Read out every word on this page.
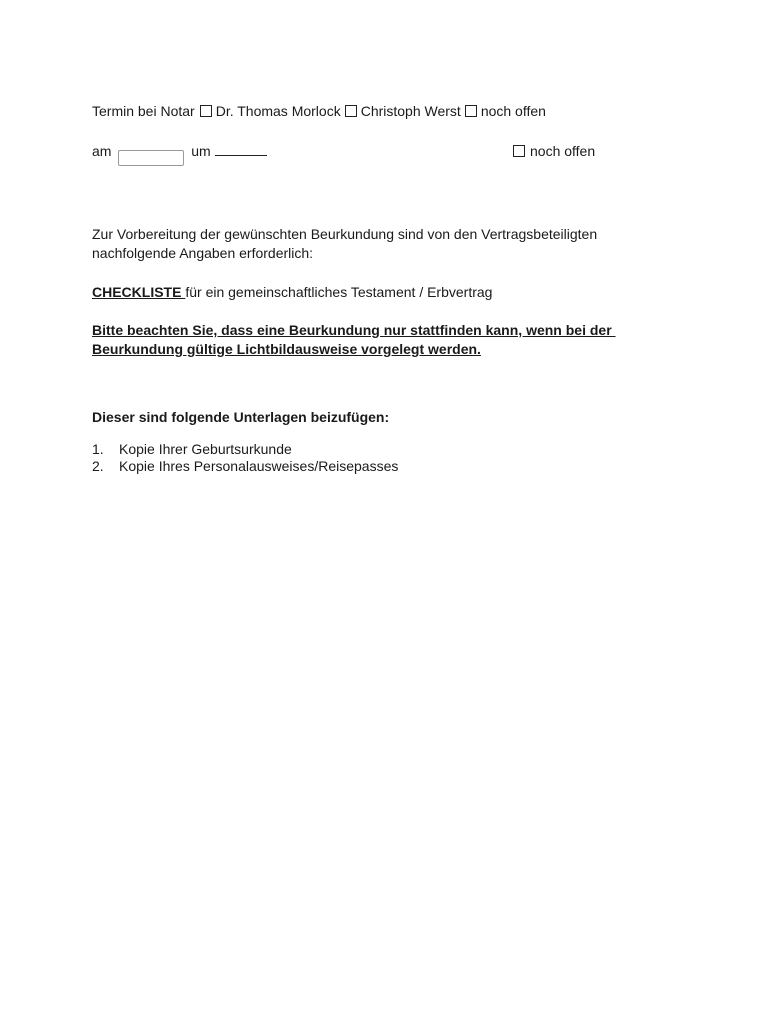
Termin bei Notar Dr. Thomas Morlock Christoph Werst noch offen
am	um	noch offen
Zur Vorbereitung der gewünschten Beurkundung sind von den Vertragsbeteiligten
nachfolgende Angaben erforderlich:
CHECKLISTE für ein gemeinschaftliches Testament / Erbvertrag
Bitte beachten Sie, dass eine Beurkundung nur stattfinden kann, wenn bei der
Beurkundung gültige Lichtbildausweise vorgelegt werden.
Dieser sind folgende Unterlagen beizufügen:
1. Kopie Ihrer Geburtsurkunde
2. Kopie Ihres Personalausweises/Reisepasses
